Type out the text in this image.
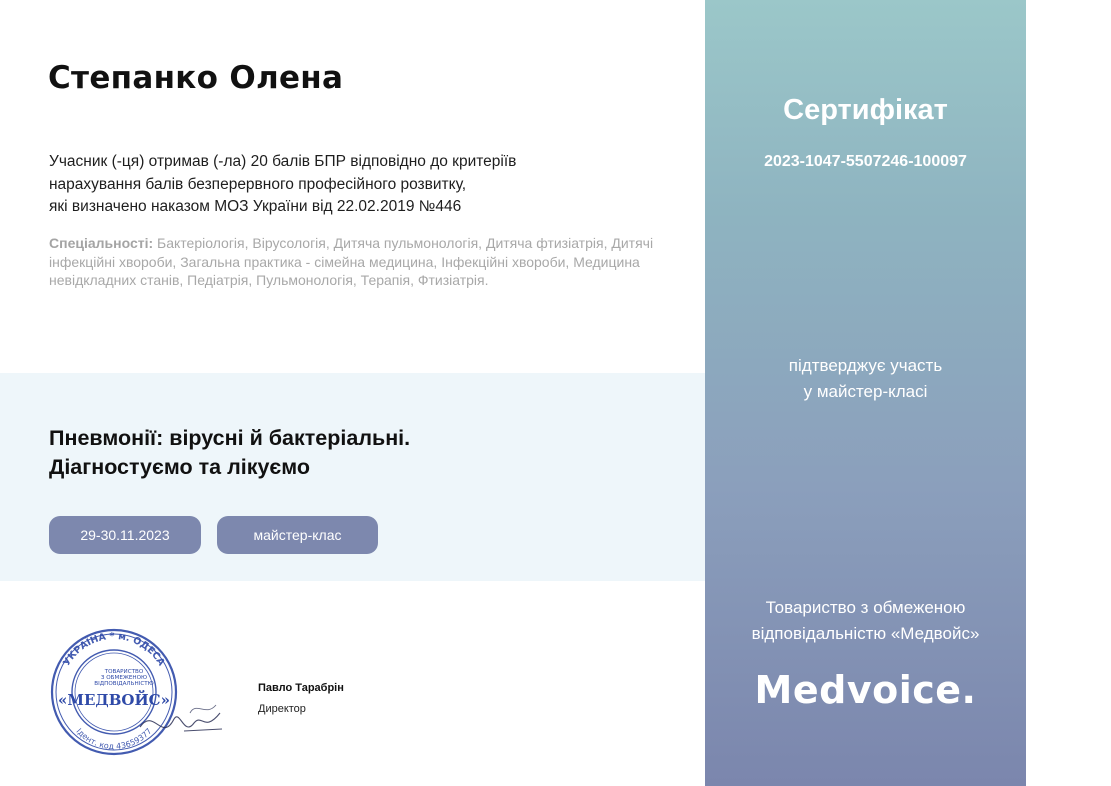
Степанко Олена
Учасник (-ця) отримав (-ла) 20 балів БПР відповідно до критеріїв
нарахування балів безперервного професійного розвитку,
які визначено наказом МОЗ України від 22.02.2019 №446
Спеціальності: Бактеріологія, Вірусологія, Дитяча пульмонологія, Дитяча фтизіатрія, Дитячі інфекційні хвороби, Загальна практика - сімейна медицина, Інфекційні хвороби, Медицина невідкладних станів, Педіатрія, Пульмонологія, Терапія, Фтизіатрія.
Пневмонії: вірусні й бактеріальні.
Діагностуємо та лікуємо
29-30.11.2023	майстер-клас
УКРАЇНА * м. ОДЕСА
Ідент. код 43659377
ТОВАРИСТВО
З ОБМЕЖЕНОЮ
ВІДПОВІДАЛЬНІСТЮ
«МЕДВОЙС»
Павло Тарабрін
Директор
Сертифікат
2023-1047-5507246-100097
підтверджує участь
у майстер-класі
Товариство з обмеженою
відповідальністю «Медвойс»
Medvoice.
